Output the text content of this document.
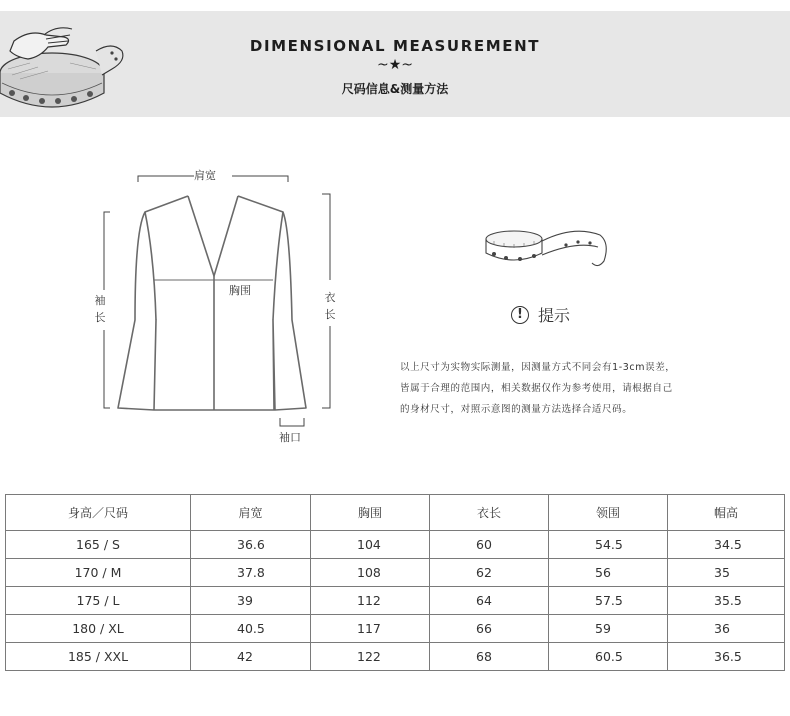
DIMENSIONAL MEASUREMENT
~★~
尺码信息&测量方法
肩宽
胸围
袖
长
衣
长
袖口
! 提示
以上尺寸为实物实际测量，因测量方式不同会有1-3cm误差，
皆属于合理的范围内，相关数据仅作为参考使用，请根据自己
的身材尺寸，对照示意图的测量方法选择合适尺码。
身高／尺码	肩宽	胸围	衣长	领围	帽高
165 / S	36.6	104	60	54.5	34.5
170 / M	37.8	108	62	56	35
175 / L	39	112	64	57.5	35.5
180 / XL	40.5	117	66	59	36
185 / XXL	42	122	68	60.5	36.5
